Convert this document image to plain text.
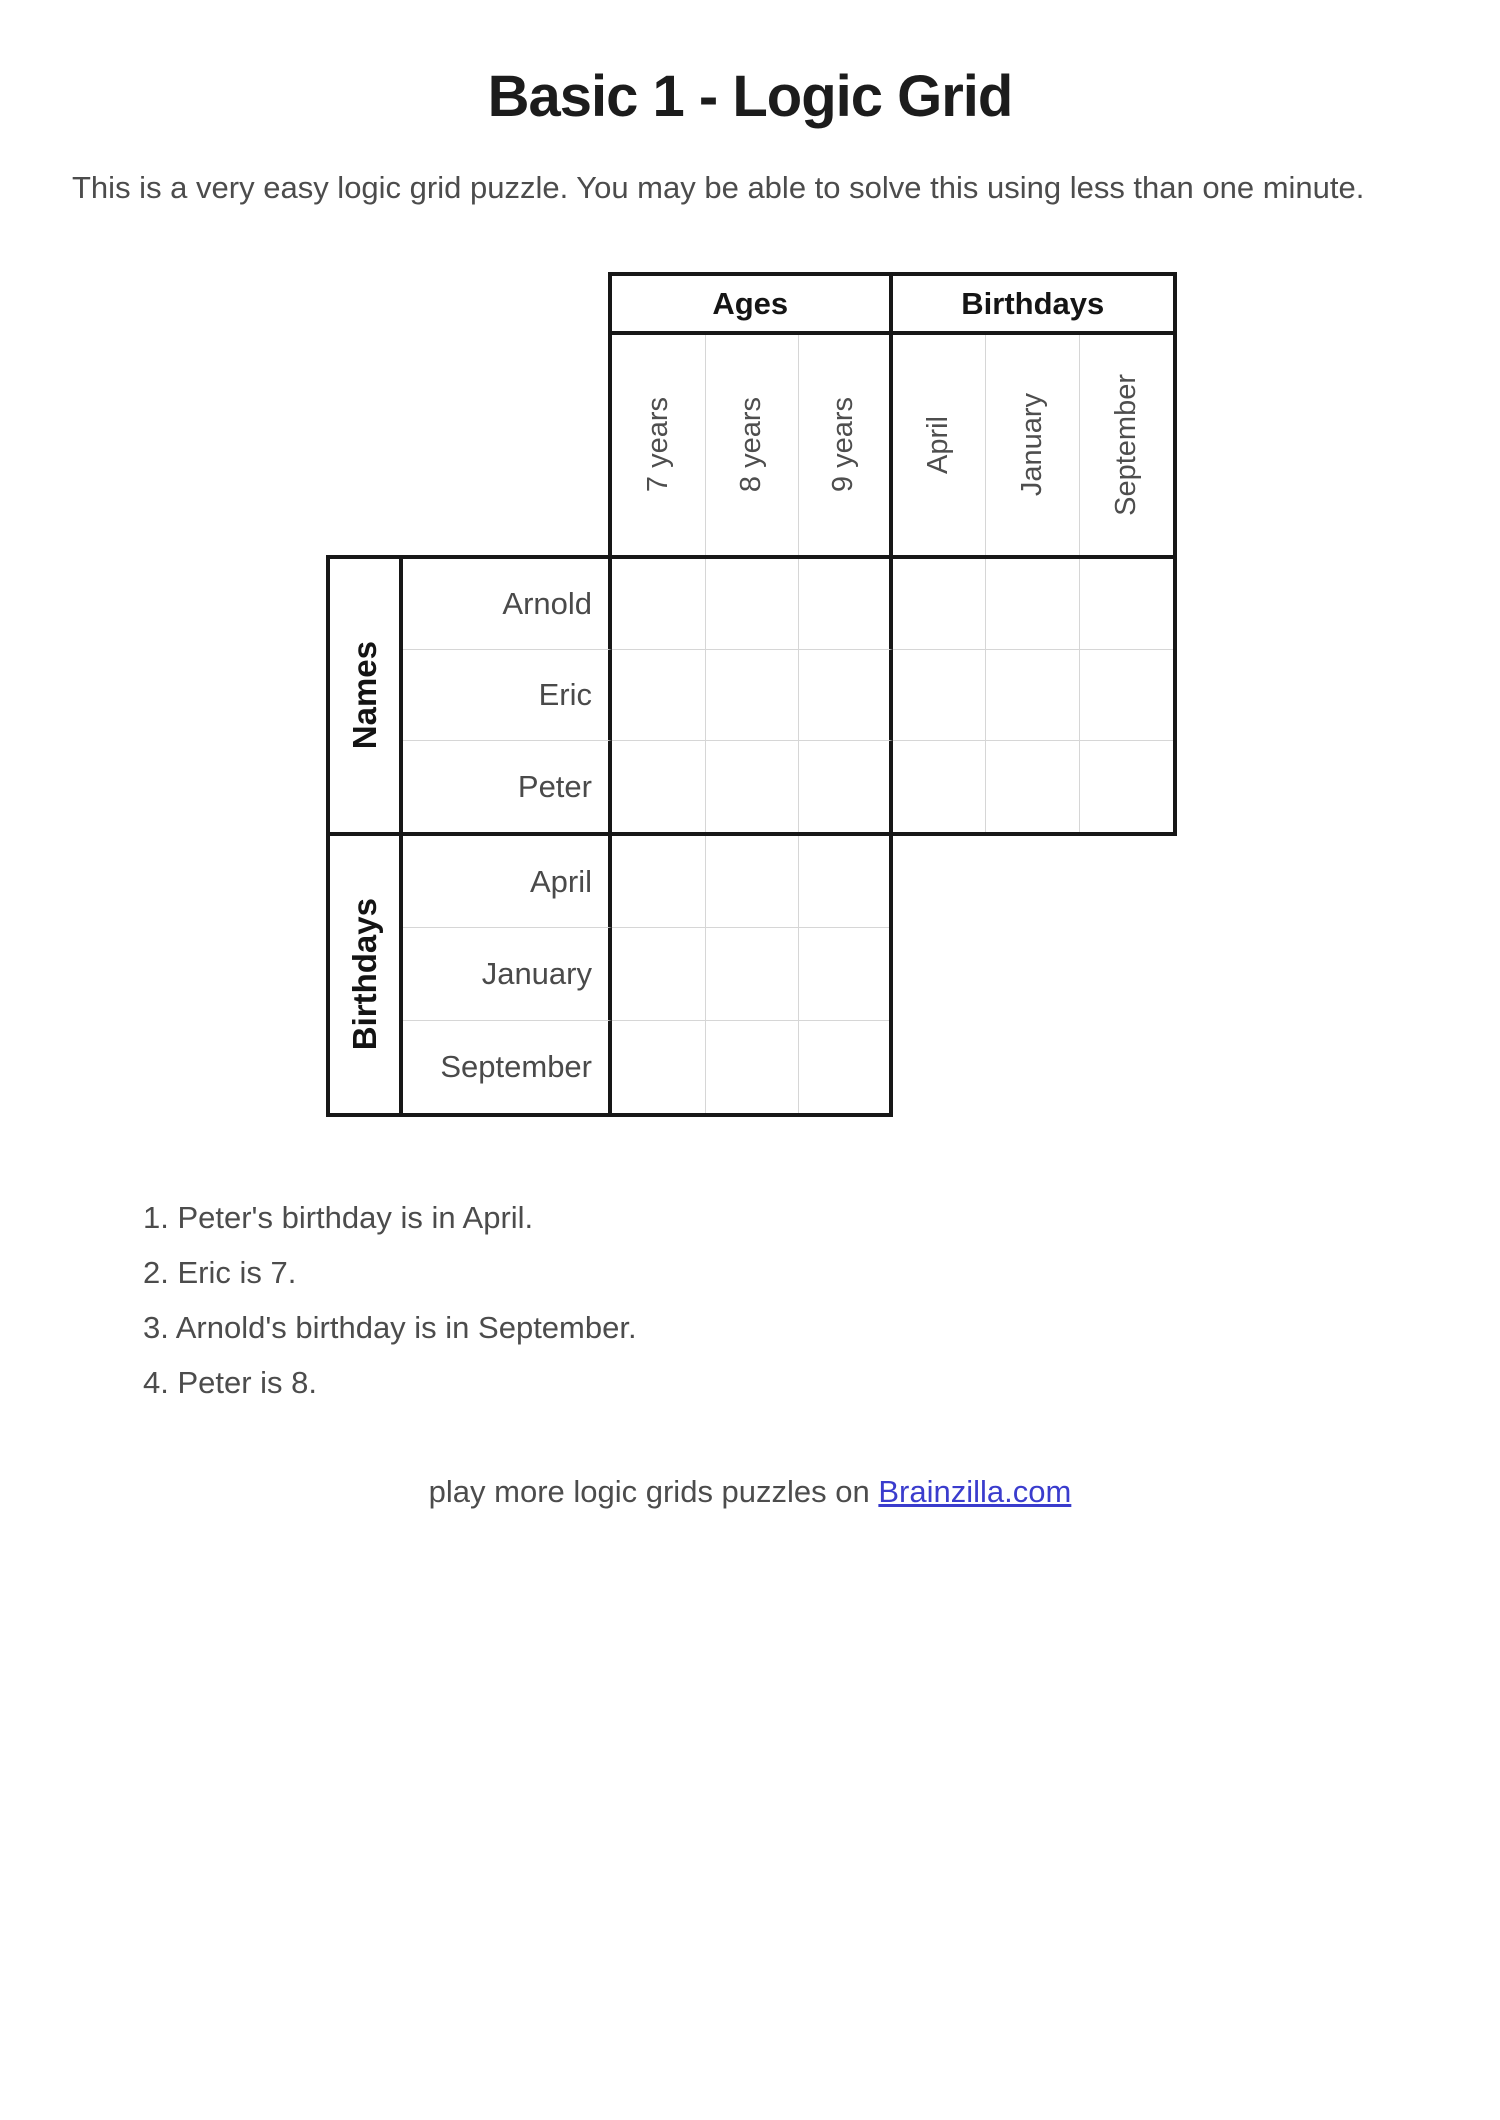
Basic 1 - Logic Grid

This is a very easy logic grid puzzle. You may be able to solve this using less than one minute.

Ages	Birthdays
7 years 8 years 9 years April January September
Names
Arnold
Eric
Peter
Birthdays
April
January
September
1. Peter's birthday is in April.
2. Eric is 7.
3. Arnold's birthday is in September.
4. Peter is 8.

play more logic grids puzzles on Brainzilla.com
